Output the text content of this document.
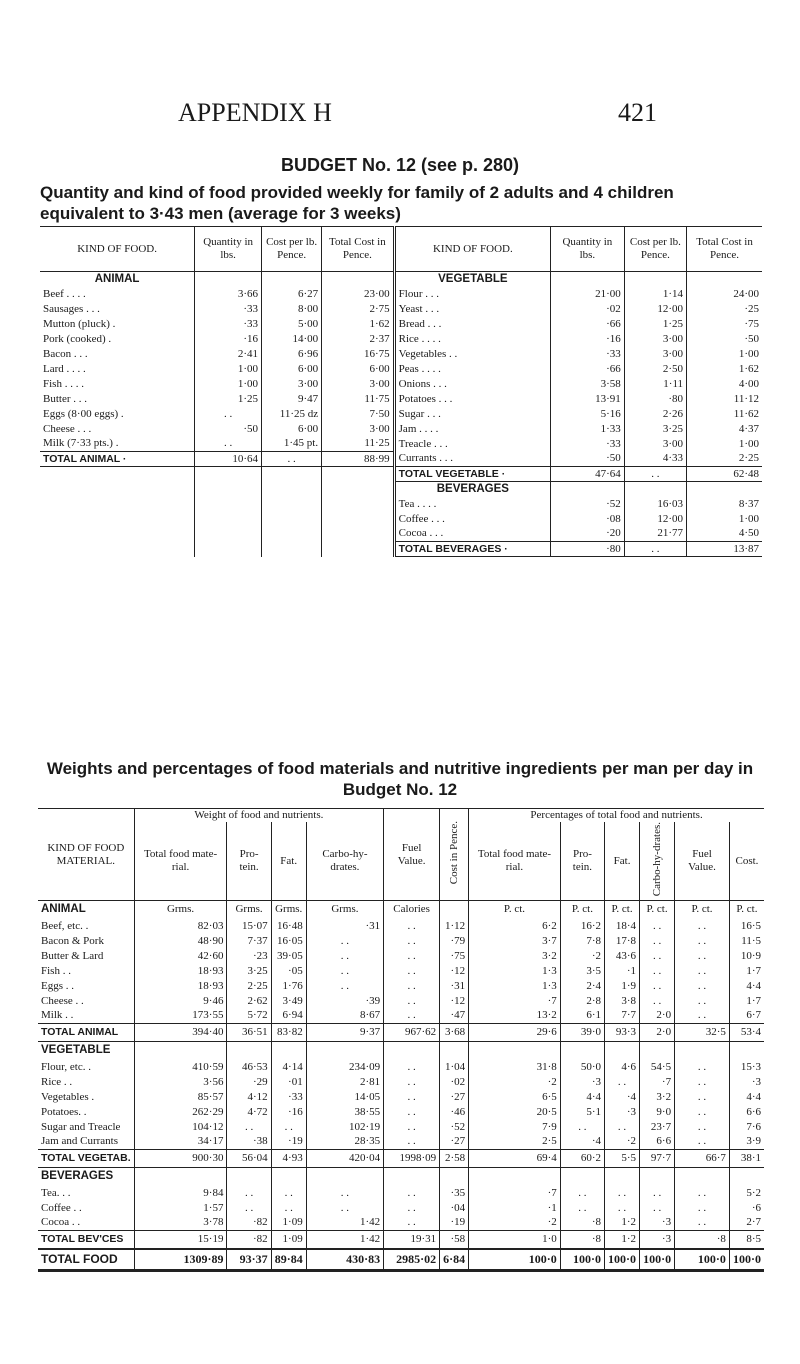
APPENDIX H	421
BUDGET No. 12 (see p. 280)
Quantity and kind of food provided weekly for family of 2 adults and 4 children equivalent to 3·43 men (average for 3 weeks)
KIND OF FOOD.	Quantity in lbs.	Cost per lb. Pence.	Total Cost in Pence.	KIND OF FOOD.	Quantity in lbs.	Cost per lb. Pence.	Total Cost in Pence.
ANIMAL				VEGETABLE			
Beef . . . .	3·66	6·27	23·00	Flour . . .	21·00	1·14	24·00
Sausages . . .	·33	8·00	2·75	Yeast . . .	·02	12·00	·25
Mutton (pluck) .	·33	5·00	1·62	Bread . . .	·66	1·25	·75
Pork (cooked) .	·16	14·00	2·37	Rice . . . .	·16	3·00	·50
Bacon . . .	2·41	6·96	16·75	Vegetables . .	·33	3·00	1·00
Lard . . . .	1·00	6·00	6·00	Peas . . . .	·66	2·50	1·62
Fish . . . .	1·00	3·00	3·00	Onions . . .	3·58	1·11	4·00
Butter . . .	1·25	9·47	11·75	Potatoes . . .	13·91	·80	11·12
Eggs (8·00 eggs) .	. .	11·25 dz	7·50	Sugar . . .	5·16	2·26	11·62
Cheese . . .	·50	6·00	3·00	Jam . . . .	1·33	3·25	4·37
Milk (7·33 pts.) .	. .	1·45 pt.	11·25	Treacle . . .	·33	3·00	1·00
TOTAL ANIMAL ·	10·64	. .	88·99	Currants . . .	·50	4·33	2·25
				TOTAL VEGETABLE ·	47·64	. .	62·48
				BEVERAGES			
				Tea . . . .	·52	16·03	8·37
				Coffee . . .	·08	12·00	1·00
				Cocoa . . .	·20	21·77	4·50
				TOTAL BEVERAGES ·	·80	. .	13·87
Weights and percentages of food materials and nutritive ingredients per man per day in Budget No. 12
KIND OF FOOD MATERIAL.	Weight of food and nutrients.				Fuel Value.	Cost in Pence.	Percentages of total food and nutrients.					
	Total food mate-rial.	Pro-tein.	Fat.	Carbo-hy-drates.			Total food mate-rial.	Pro-tein.	Fat.	Carbo-hy-drates.	Fuel Value.	Cost.
ANIMAL	Grms.	Grms.	Grms.	Grms.	Calories		P. ct.	P. ct.	P. ct.	P. ct.	P. ct.	P. ct.
Beef, etc. .	82·03	15·07	16·48	·31	. .	1·12	6·2	16·2	18·4	. .	. .	16·5
Bacon & Pork	48·90	7·37	16·05	. .	. .	·79	3·7	7·8	17·8	. .	. .	11·5
Butter & Lard	42·60	·23	39·05	. .	. .	·75	3·2	·2	43·6	. .	. .	10·9
Fish . .	18·93	3·25	·05	. .	. .	·12	1·3	3·5	·1	. .	. .	1·7
Eggs . .	18·93	2·25	1·76	. .	. .	·31	1·3	2·4	1·9	. .	. .	4·4
Cheese . .	9·46	2·62	3·49	·39	. .	·12	·7	2·8	3·8	. .	. .	1·7
Milk . .	173·55	5·72	6·94	8·67	. .	·47	13·2	6·1	7·7	2·0	. .	6·7
TOTAL ANIMAL	394·40	36·51	83·82	9·37	967·62	3·68	29·6	39·0	93·3	2·0	32·5	53·4
VEGETABLE												
Flour, etc. .	410·59	46·53	4·14	234·09	. .	1·04	31·8	50·0	4·6	54·5	. .	15·3
Rice . .	3·56	·29	·01	2·81	. .	·02	·2	·3	. .	·7	. .	·3
Vegetables .	85·57	4·12	·33	14·05	. .	·27	6·5	4·4	·4	3·2	. .	4·4
Potatoes. .	262·29	4·72	·16	38·55	. .	·46	20·5	5·1	·3	9·0	. .	6·6
Sugar and Treacle	104·12	. .	. .	102·19	. .	·52	7·9	. .	. .	23·7	. .	7·6
Jam and Currants	34·17	·38	·19	28·35	. .	·27	2·5	·4	·2	6·6	. .	3·9
TOTAL VEGETAB.	900·30	56·04	4·93	420·04	1998·09	2·58	69·4	60·2	5·5	97·7	66·7	38·1
BEVERAGES												
Tea. . .	9·84	. .	. .	. .	. .	·35	·7	. .	. .	. .	. .	5·2
Coffee . .	1·57	. .	. .	. .	. .	·04	·1	. .	. .	. .	. .	·6
Cocoa . .	3·78	·82	1·09	1·42	. .	·19	·2	·8	1·2	·3	. .	2·7
TOTAL BEV'CES	15·19	·82	1·09	1·42	19·31	·58	1·0	·8	1·2	·3	·8	8·5
TOTAL FOOD	1309·89	93·37	89·84	430·83	2985·02	6·84	100·0	100·0	100·0	100·0	100·0	100·0
